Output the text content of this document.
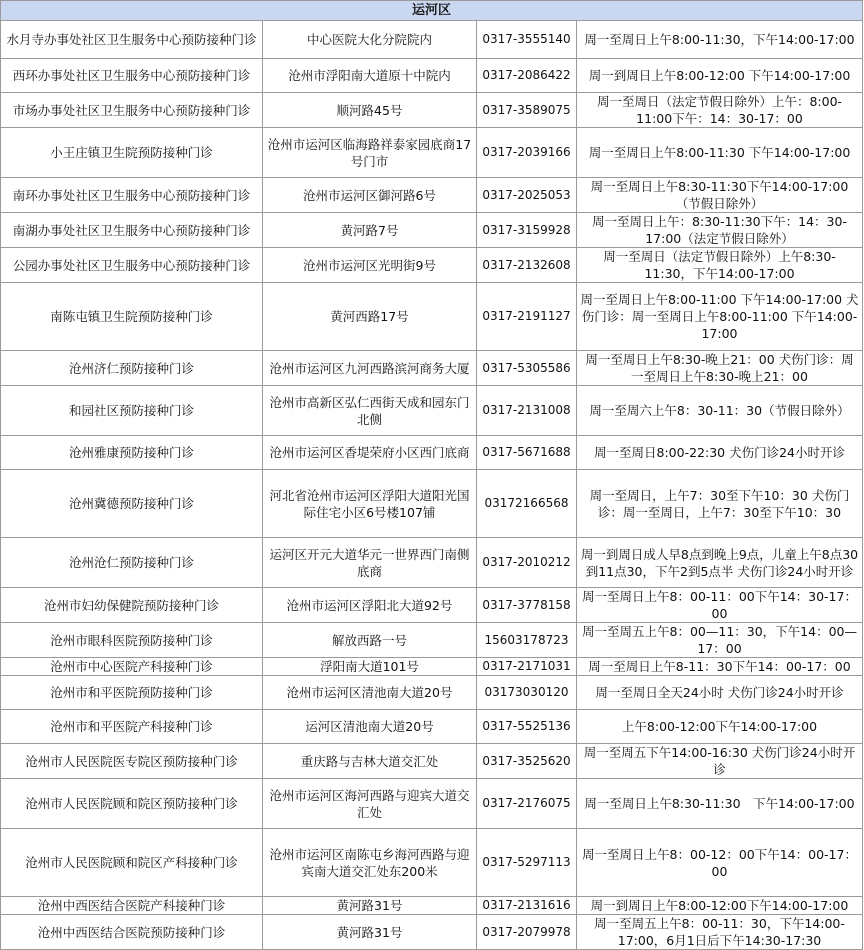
运河区			
水月寺办事处社区卫生服务中心预防接种门诊	中心医院大化分院院内	0317-3555140	周一至周日上午8:00-11:30，下午14:00-17:00
西环办事处社区卫生服务中心预防接种门诊	沧州市浮阳南大道原十中院内	0317-2086422	周一到周日上午8:00-12:00 下午14:00-17:00
市场办事处社区卫生服务中心预防接种门诊	顺河路45号	0317-3589075	周一至周日（法定节假日除外）上午：8:00-11:00下午：14：30-17：00
小王庄镇卫生院预防接种门诊	沧州市运河区临海路祥泰家园底商17号门市	0317-2039166	周一至周日上午8:00-11:30 下午14:00-17:00
南环办事处社区卫生服务中心预防接种门诊	沧州市运河区御河路6号	0317-2025053	周一至周日上午8:30-11:30下午14:00-17:00（节假日除外）
南湖办事处社区卫生服务中心预防接种门诊	黄河路7号	0317-3159928	周一至周日上午：8:30-11:30下午：14：30-17:00（法定节假日除外）
公园办事处社区卫生服务中心预防接种门诊	沧州市运河区光明街9号	0317-2132608	周一至周日（法定节假日除外）上午8:30-11:30，下午14:00-17:00
南陈屯镇卫生院预防接种门诊	黄河西路17号	0317-2191127	周一至周日上午8:00-11:00 下午14:00-17:00 犬伤门诊：周一至周日上午8:00-11:00 下午14:00-17:00
沧州济仁预防接种门诊	沧州市运河区九河西路滨河商务大厦	0317-5305586	周一至周日上午8:30-晚上21：00 犬伤门诊：周一至周日上午8:30-晚上21：00
和园社区预防接种门诊	沧州市高新区弘仁西街天成和园东门北侧	0317-2131008	周一至周六上午8：30-11：30（节假日除外）
沧州雅康预防接种门诊	沧州市运河区香堤荣府小区西门底商	0317-5671688	周一至周日8:00-22:30 犬伤门诊24小时开诊
沧州冀德预防接种门诊	河北省沧州市运河区浮阳大道阳光国际住宅小区6号楼107铺	03172166568	周一至周日，上午7：30至下午10：30 犬伤门诊：周一至周日，上午7：30至下午10：30
沧州沧仁预防接种门诊	运河区开元大道华元一世界西门南侧底商	0317-2010212	周一到周日成人早8点到晚上9点，儿童上午8点30到11点30，下午2到5点半 犬伤门诊24小时开诊
沧州市妇幼保健院预防接种门诊	沧州市运河区浮阳北大道92号	0317-3778158	周一至周日上午8：00-11：00下午14：30-17：00
沧州市眼科医院预防接种门诊	解放西路一号	15603178723	周一至周五上午8：00—11：30，下午14：00—17：00
沧州市中心医院产科接种门诊	浮阳南大道101号	0317-2171031	周一至周日上午8-11：30下午14：00-17：00
沧州市和平医院预防接种门诊	沧州市运河区清池南大道20号	03173030120	周一至周日全天24小时 犬伤门诊24小时开诊
沧州市和平医院产科接种门诊	运河区清池南大道20号	0317-5525136	上午8:00-12:00下午14:00-17:00
沧州市人民医院医专院区预防接种门诊	重庆路与吉林大道交汇处	0317-3525620	周一至周五下午14:00-16:30 犬伤门诊24小时开诊
沧州市人民医院顾和院区预防接种门诊	沧州市运河区海河西路与迎宾大道交汇处	0317-2176075	周一至周日上午8:30-11:30　下午14:00-17:00
沧州市人民医院顾和院区产科接种门诊	沧州市运河区南陈屯乡海河西路与迎宾南大道交汇处东200米	0317-5297113	周一至周日上午8：00-12：00下午14：00-17：00
沧州中西医结合医院产科接种门诊	黄河路31号	0317-2131616	周一到周日上午8:00-12:00下午14:00-17:00
沧州中西医结合医院预防接种门诊	黄河路31号	0317-2079978	周一至周五上午8：00-11：30，下午14:00-17:00，6月1日后下午14:30-17:30
